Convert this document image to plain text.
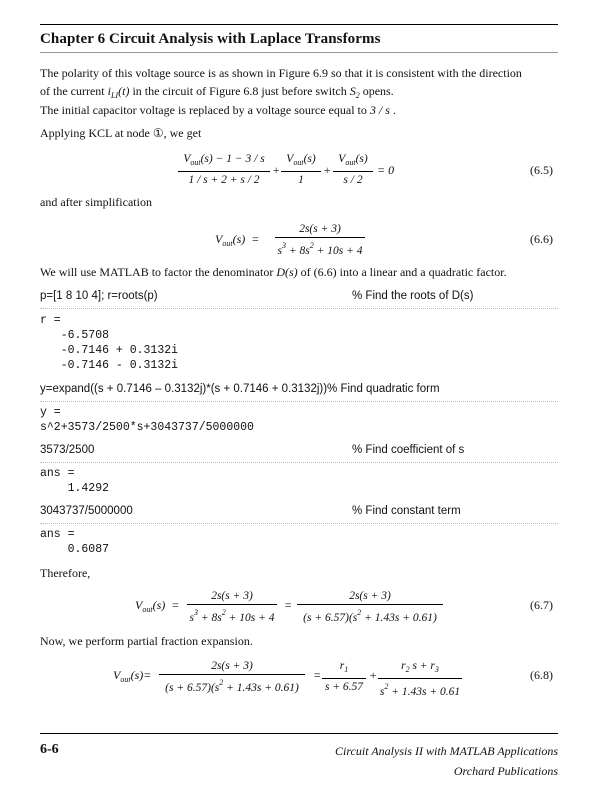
Chapter 6 Circuit Analysis with Laplace Transforms
The polarity of this voltage source is as shown in Figure 6.9 so that it is consistent with the direction
of the current $i_{LI}(t)$ in the circuit of Figure 6.8 just before switch $S_2$ opens.
The initial capacitor voltage is replaced by a voltage source equal to 3 / s .
Applying KCL at node ①, we get
$V_{out}(s) - 1 - 3 / s$
1 / s + 2 + s / 2
+
$V_{out}(s)$
1
+
$V_{out}(s)$
s / 2
= 0	(6.5)
and after simplification
$V_{out}(s)$  =
2s(s + 3)
$s^3 + 8s^2 + 10s + 4$
(6.6)
We will use MATLAB to factor the denominator D(s) of (6.6) into a linear and a quadratic factor.
p=[1 8 10 4]; r=roots(p)	% Find the roots of D(s)
r =
-6.5708
-0.7146 + 0.3132i
-0.7146 - 0.3132i
y=expand((s + 0.7146 – 0.3132j)*(s + 0.7146 + 0.3132j))% Find quadratic form
y =
s^2+3573/2500*s+3043737/5000000
3573/2500	% Find coefficient of s
ans =
1.4292
3043737/5000000	% Find constant term
ans =
0.6087
Therefore,
$V_{out}(s)$  =
2s(s + 3)
$s^3 + 8s^2 + 10s + 4$
=
2s(s + 3)
$(s + 6.57)(s^2 + 1.43s + 0.61)$
(6.7)
Now, we perform partial fraction expansion.
$V_{out}(s)=$
2s(s + 3)
$(s + 6.57)(s^2 + 1.43s + 0.61)$
=
$r_1$
s + 6.57
+
$r_2$ $s + r_3$
$s^2 + 1.43s + 0.61$
(6.8)
6-6	Circuit Analysis II with MATLAB Applications
Orchard Publications
